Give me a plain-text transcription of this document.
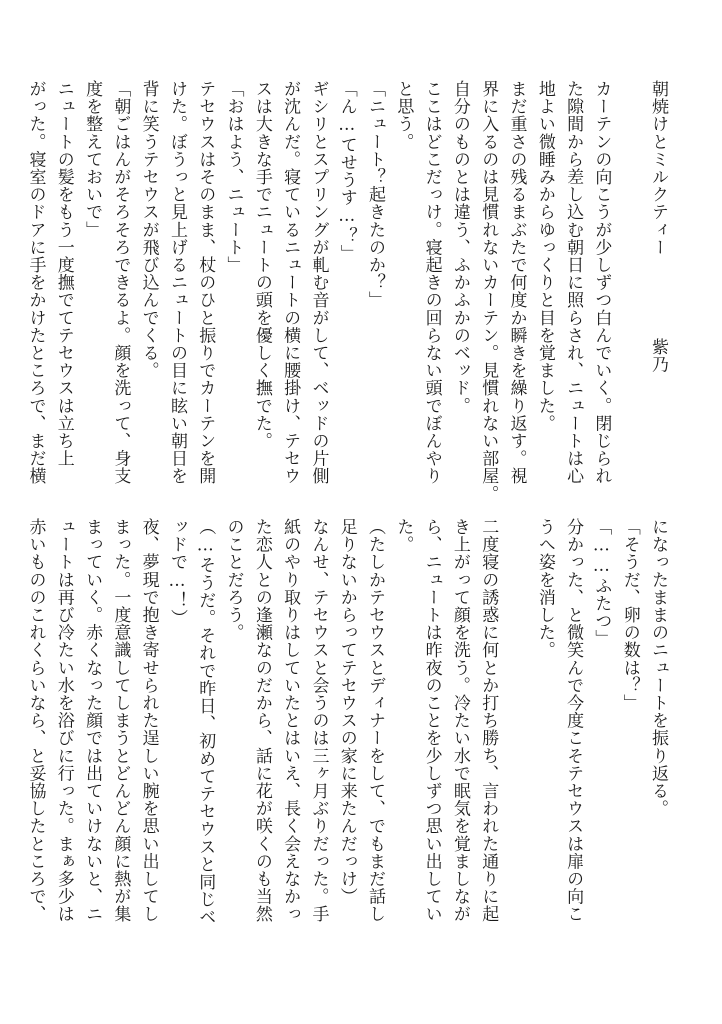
朝焼けとミルクティー
カーテンの向こうが少しずつ白んでいく。閉じられ
た隙間から差し込む朝日に照らされ、ニュートは心
地よい微睡みからゆっくりと目を覚ました。
まだ重さの残るまぶたで何度か瞬きを繰り返す。視
界に入るのは見慣れないカーテン。見慣れない部屋。
自分のものとは違う、ふかふかのベッド。
ここはどこだっけ。寝起きの回らない頭でぼんやり
と思う。
「ニュート？起きたのか？」
「ん…てせうす…？」
ギシリとスプリングが軋む音がして、ベッドの片側
が沈んだ。寝ているニュートの横に腰掛け、テセウ
スは大きな手でニュートの頭を優しく撫でた。
「おはよう、ニュート」
テセウスはそのまま、杖のひと振りでカーテンを開
けた。ぼうっと見上げるニュートの目に眩い朝日を
背に笑うテセウスが飛び込んでくる。
「朝ごはんがそろそろできるよ。顔を洗って、身支
度を整えておいで」
ニュートの髪をもう一度撫でてテセウスは立ち上
がった。寝室のドアに手をかけたところで、まだ横	紫乃
になったままのニュートを振り返る。
「そうだ、卵の数は？」
「……ふたつ」
分かった、と微笑んで今度こそテセウスは扉の向こ
うへ姿を消した。
二度寝の誘惑に何とか打ち勝ち、言われた通りに起
き上がって顔を洗う。冷たい水で眠気を覚ましなが
ら、ニュートは昨夜のことを少しずつ思い出してい
た。
（たしかテセウスとディナーをして、でもまだ話し
足りないからってテセウスの家に来たんだっけ）
なんせ、テセウスと会うのは三ヶ月ぶりだった。手
紙のやり取りはしていたとはいえ、長く会えなかっ
た恋人との逢瀬なのだから、話に花が咲くのも当然
のことだろう。
（…そうだ。それで昨日、初めてテセウスと同じベ
ッドで…！）
夜、夢現で抱き寄せられた逞しい腕を思い出してし
まった。一度意識してしまうとどんどん顔に熱が集
まっていく。赤くなった顔では出ていけないと、ニ
ュートは再び冷たい水を浴びに行った。まぁ多少は
赤いもののこれくらいなら、と妥協したところで、
